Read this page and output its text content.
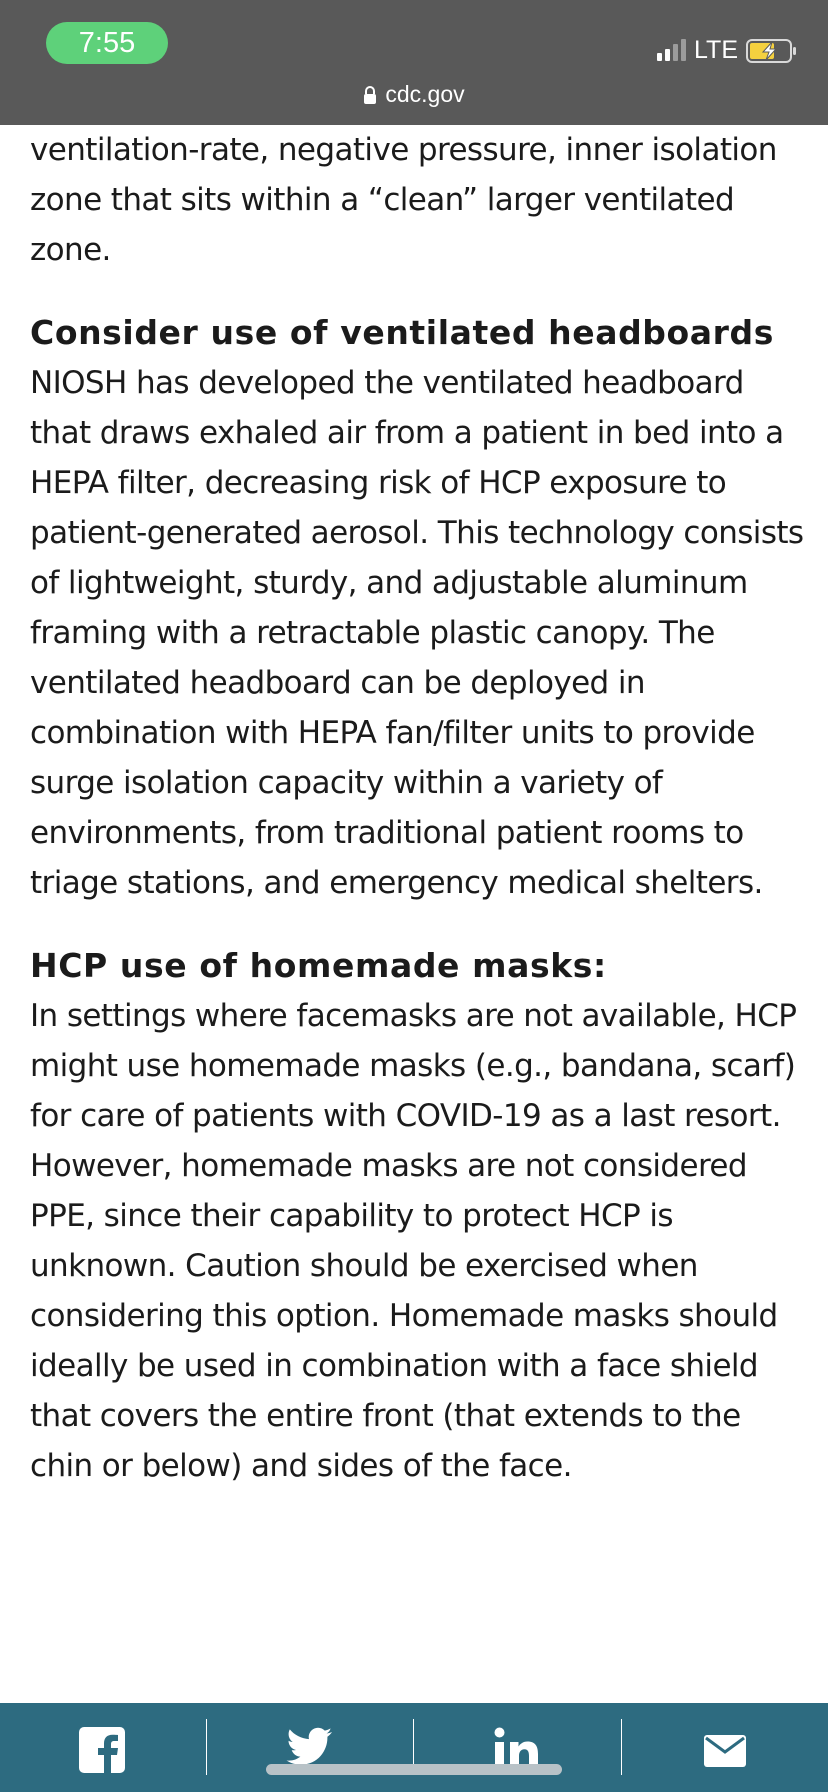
7:55	LTE
cdc.gov

ventilation-rate, negative pressure, inner isolation zone that sits within a “clean” larger ventilated zone.

Consider use of ventilated headboards

NIOSH has developed the ventilated headboard that draws exhaled air from a patient in bed into a HEPA filter, decreasing risk of HCP exposure to patient-generated aerosol. This technology consists of lightweight, sturdy, and adjustable aluminum framing with a retractable plastic canopy. The ventilated headboard can be deployed in combination with HEPA fan/filter units to provide surge isolation capacity within a variety of environments, from traditional patient rooms to triage stations, and emergency medical shelters.

HCP use of homemade masks:

In settings where facemasks are not available, HCP might use homemade masks (e.g., bandana, scarf) for care of patients with COVID-19 as a last resort. However, homemade masks are not considered PPE, since their capability to protect HCP is unknown. Caution should be exercised when considering this option. Homemade masks should ideally be used in combination with a face shield that covers the entire front (that extends to the chin or below) and sides of the face.
